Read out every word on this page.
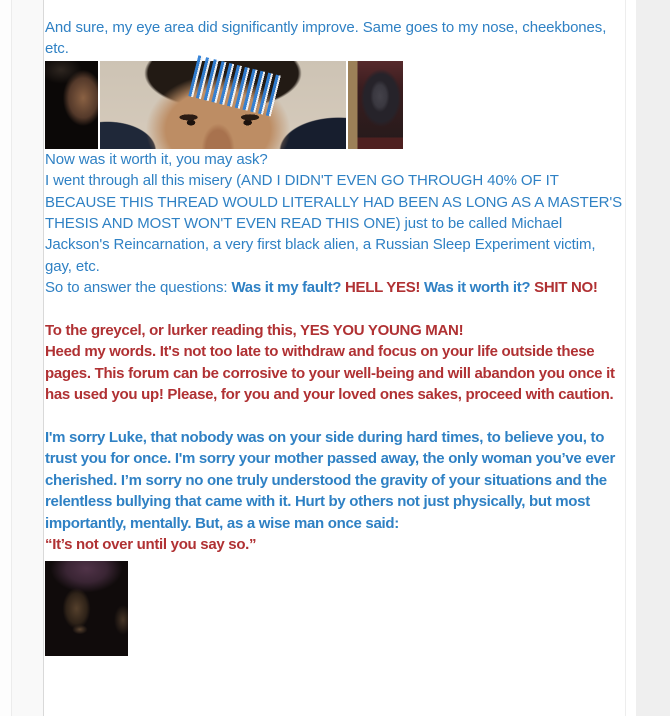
And sure, my eye area did significantly improve. Same goes to my nose, cheekbones, etc.
Now was it worth it, you may ask?
I went through all this misery (AND I DIDN'T EVEN GO THROUGH 40% OF IT BECAUSE THIS THREAD WOULD LITERALLY HAD BEEN AS LONG AS A MASTER'S THESIS AND MOST WON'T EVEN READ THIS ONE) just to be called Michael Jackson's Reincarnation, a very first black alien, a Russian Sleep Experiment victim, gay, etc.
So to answer the questions: Was it my fault? HELL YES! Was it worth it? SHIT NO!
To the greycel, or lurker reading this, YES YOU YOUNG MAN!
Heed my words. It's not too late to withdraw and focus on your life outside these pages. This forum can be corrosive to your well-being and will abandon you once it has used you up! Please, for you and your loved ones sakes, proceed with caution.
I'm sorry Luke, that nobody was on your side during hard times, to believe you, to trust you for once. I'm sorry your mother passed away, the only woman you’ve ever cherished. I’m sorry no one truly understood the gravity of your situations and the relentless bullying that came with it. Hurt by others not just physically, but most importantly, mentally. But, as a wise man once said:
“It’s not over until you say so.”
